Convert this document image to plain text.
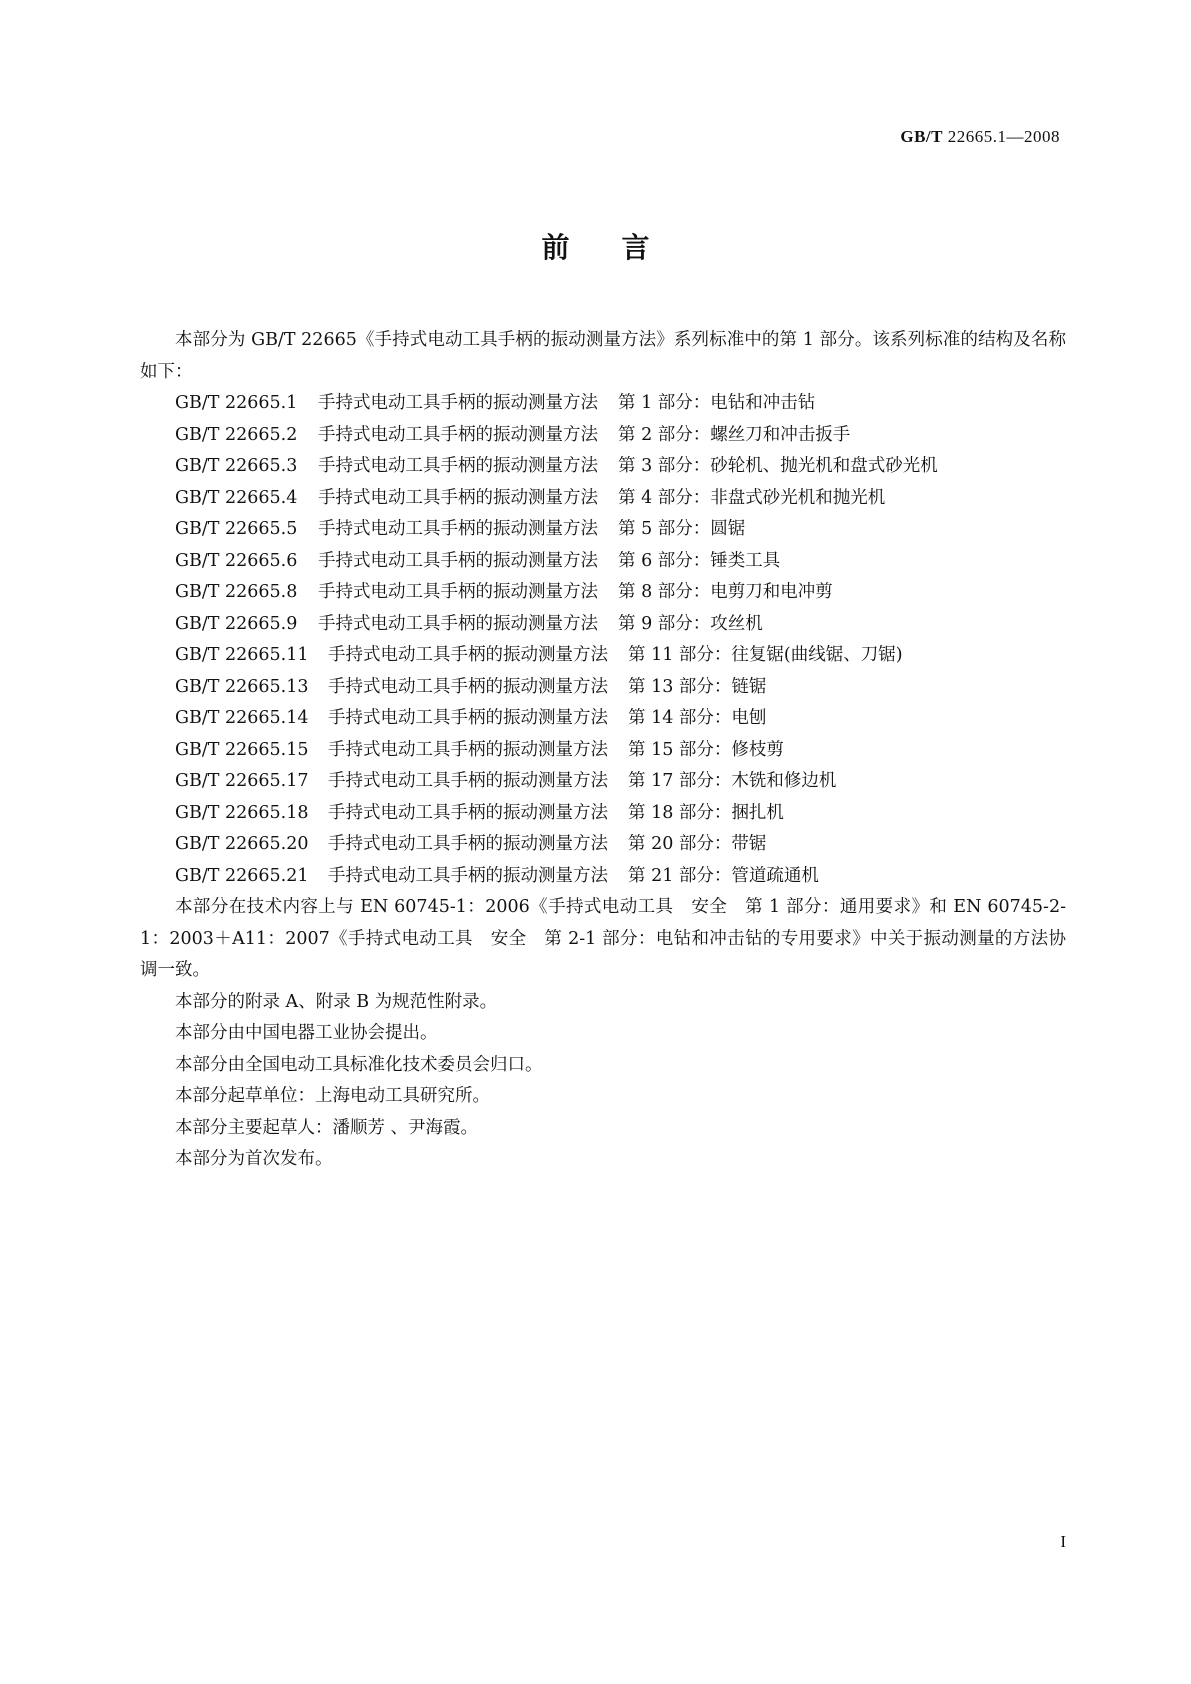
GB/T 22665.1—2008
前言

本部分为 GB/T 22665《手持式电动工具手柄的振动测量方法》系列标准中的第 1 部分。该系列标准的结构及名称如下：

GB/T 22665.1 手持式电动工具手柄的振动测量方法 第 1 部分：电钻和冲击钻
GB/T 22665.2 手持式电动工具手柄的振动测量方法 第 2 部分：螺丝刀和冲击扳手
GB/T 22665.3 手持式电动工具手柄的振动测量方法 第 3 部分：砂轮机、抛光机和盘式砂光机
GB/T 22665.4 手持式电动工具手柄的振动测量方法 第 4 部分：非盘式砂光机和抛光机
GB/T 22665.5 手持式电动工具手柄的振动测量方法 第 5 部分：圆锯
GB/T 22665.6 手持式电动工具手柄的振动测量方法 第 6 部分：锤类工具
GB/T 22665.8 手持式电动工具手柄的振动测量方法 第 8 部分：电剪刀和电冲剪
GB/T 22665.9 手持式电动工具手柄的振动测量方法 第 9 部分：攻丝机
GB/T 22665.11 手持式电动工具手柄的振动测量方法 第 11 部分：往复锯(曲线锯、刀锯)
GB/T 22665.13 手持式电动工具手柄的振动测量方法 第 13 部分：链锯
GB/T 22665.14 手持式电动工具手柄的振动测量方法 第 14 部分：电刨
GB/T 22665.15 手持式电动工具手柄的振动测量方法 第 15 部分：修枝剪
GB/T 22665.17 手持式电动工具手柄的振动测量方法 第 17 部分：木铣和修边机
GB/T 22665.18 手持式电动工具手柄的振动测量方法 第 18 部分：捆扎机
GB/T 22665.20 手持式电动工具手柄的振动测量方法 第 20 部分：带锯
GB/T 22665.21 手持式电动工具手柄的振动测量方法 第 21 部分：管道疏通机

本部分在技术内容上与 EN 60745-1：2006《手持式电动工具　安全　第 1 部分：通用要求》和 EN 60745-2-1：2003＋A11：2007《手持式电动工具　安全　第 2-1 部分：电钻和冲击钻的专用要求》中关于振动测量的方法协调一致。

本部分的附录 A、附录 B 为规范性附录。

本部分由中国电器工业协会提出。

本部分由全国电动工具标准化技术委员会归口。

本部分起草单位：上海电动工具研究所。

本部分主要起草人：潘顺芳 、尹海霞。

本部分为首次发布。

I
